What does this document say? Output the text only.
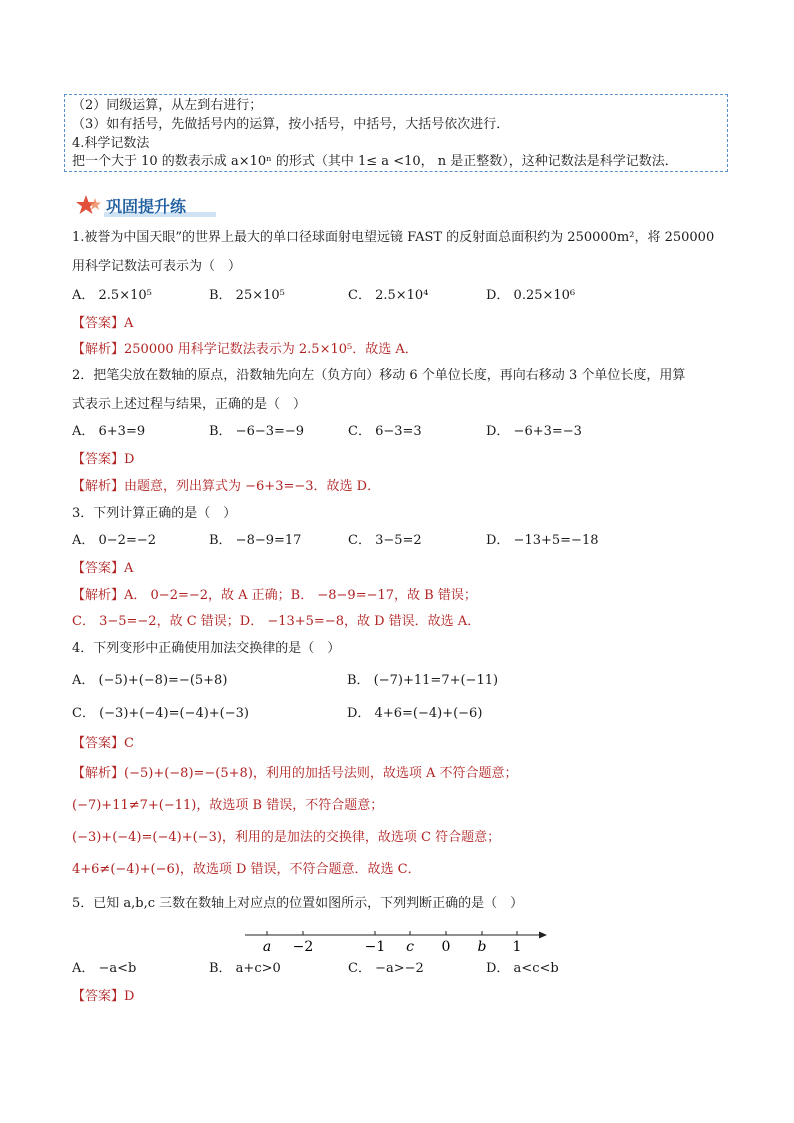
（2）同级运算，从左到右进行；
（3）如有括号，先做括号内的运算，按小括号，中括号，大括号依次进行．
4.科学记数法
把一个大于 10 的数表示成 a×10ⁿ 的形式（其中 1≤ a <10， n 是正整数），这种记数法是科学记数法．
巩固提升练
1.被誉为中国天眼”的世界上最大的单口径球面射电望远镜 FAST 的反射面总面积约为 250000m²，将 250000
用科学记数法可表示为（　）
A． 2.5×10⁵	B． 25×10⁵	C． 2.5×10⁴	D． 0.25×10⁶
【答案】A
【解析】250000 用科学记数法表示为 2.5×10⁵．故选 A．
2．把笔尖放在数轴的原点，沿数轴先向左（负方向）移动 6 个单位长度，再向右移动 3 个单位长度，用算
式表示上述过程与结果，正确的是（　）
A． 6+3=9	B． −6−3=−9	C． 6−3=3	D． −6+3=−3
【答案】D
【解析】由题意，列出算式为 −6+3=−3．故选 D．
3．下列计算正确的是（　）
A． 0−2=−2	B． −8−9=17	C． 3−5=2	D． −13+5=−18
【答案】A
【解析】A． 0−2=−2，故 A 正确；B． −8−9=−17，故 B 错误；
C． 3−5=−2，故 C 错误；D． −13+5=−8，故 D 错误．故选 A．
4．下列变形中正确使用加法交换律的是（　）
A． (−5)+(−8)=−(5+8)	B． (−7)+11=7+(−11)
C． (−3)+(−4)=(−4)+(−3)	D． 4+6=(−4)+(−6)
【答案】C
【解析】(−5)+(−8)=−(5+8)，利用的加括号法则，故选项 A 不符合题意；
(−7)+11≠7+(−11)，故选项 B 错误，不符合题意；
(−3)+(−4)=(−4)+(−3)，利用的是加法的交换律，故选项 C 符合题意；
4+6≠(−4)+(−6)，故选项 D 错误，不符合题意．故选 C．
5．已知 a,b,c 三数在数轴上对应点的位置如图所示，下列判断正确的是（　）
a −2	−1 c 0 b 1
A． −a<b	B． a+c>0	C． −a>−2	D． a<c<b
【答案】D
